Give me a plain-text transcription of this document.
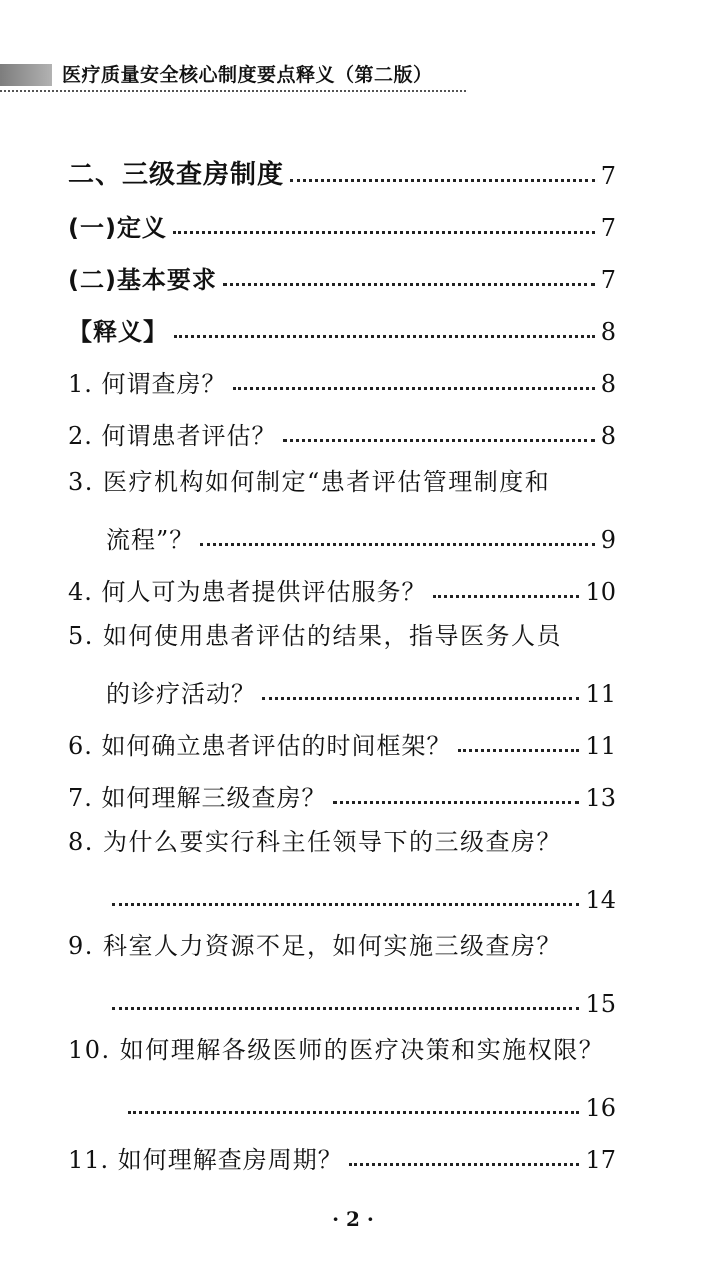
医疗质量安全核心制度要点释义（第二版）
二、三级查房制度	7
(一)定义	7
(二)基本要求	7
【释义】	8
1. 何谓查房？	8
2. 何谓患者评估？	8
3. 医疗机构如何制定“患者评估管理制度和
流程”？	9
4. 何人可为患者提供评估服务？	10
5. 如何使用患者评估的结果，指导医务人员
的诊疗活动？	11
6. 如何确立患者评估的时间框架？	11
7. 如何理解三级查房？	13
8. 为什么要实行科主任领导下的三级查房？
14
9. 科室人力资源不足，如何实施三级查房？
15
10. 如何理解各级医师的医疗决策和实施权限？
16
11. 如何理解查房周期？	17
· 2 ·
